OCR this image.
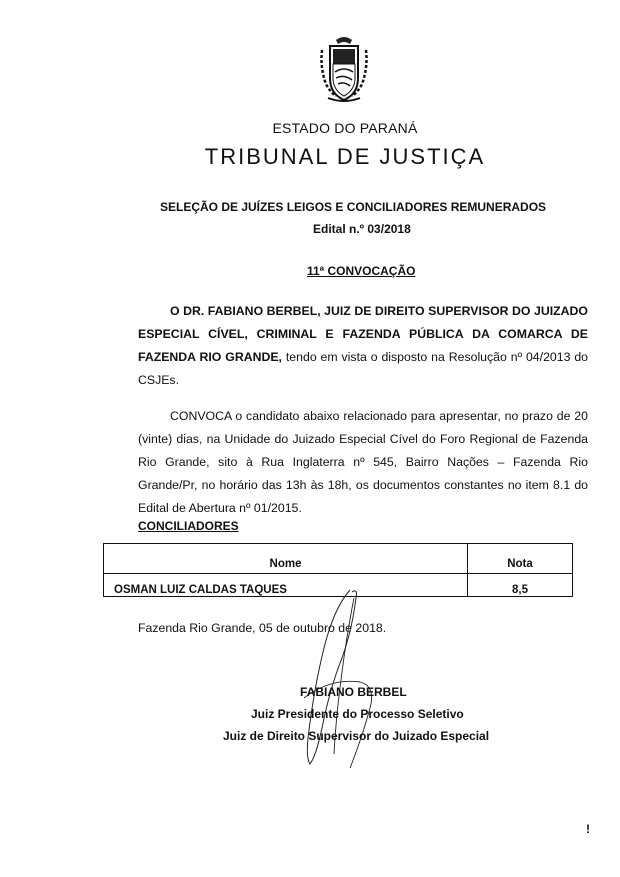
ESTADO DO PARANÁ
TRIBUNAL DE JUSTIÇA
SELEÇÃO DE JUÍZES LEIGOS E CONCILIADORES REMUNERADOS
Edital n.º 03/2018
11ª CONVOCAÇÃO
O DR. FABIANO BERBEL, JUIZ DE DIREITO SUPERVISOR DO JUIZADO ESPECIAL CÍVEL, CRIMINAL E FAZENDA PÚBLICA DA COMARCA DE FAZENDA RIO GRANDE, tendo em vista o disposto na Resolução nº 04/2013 do CSJEs.
CONVOCA o candidato abaixo relacionado para apresentar, no prazo de 20 (vinte) dias, na Unidade do Juizado Especial Cível do Foro Regional de Fazenda Rio Grande, sito à Rua Inglaterra nº 545, Bairro Nações – Fazenda Rio Grande/Pr, no horário das 13h às 18h, os documentos constantes no item 8.1 do Edital de Abertura nº 01/2015.
CONCILIADORES
Nome	Nota
OSMAN LUIZ CALDAS TAQUES	8,5
Fazenda Rio Grande, 05 de outubro de 2018.
FABIANO BERBEL
Juiz Presidente do Processo Seletivo
Juiz de Direito Supervisor do Juizado Especial
!
